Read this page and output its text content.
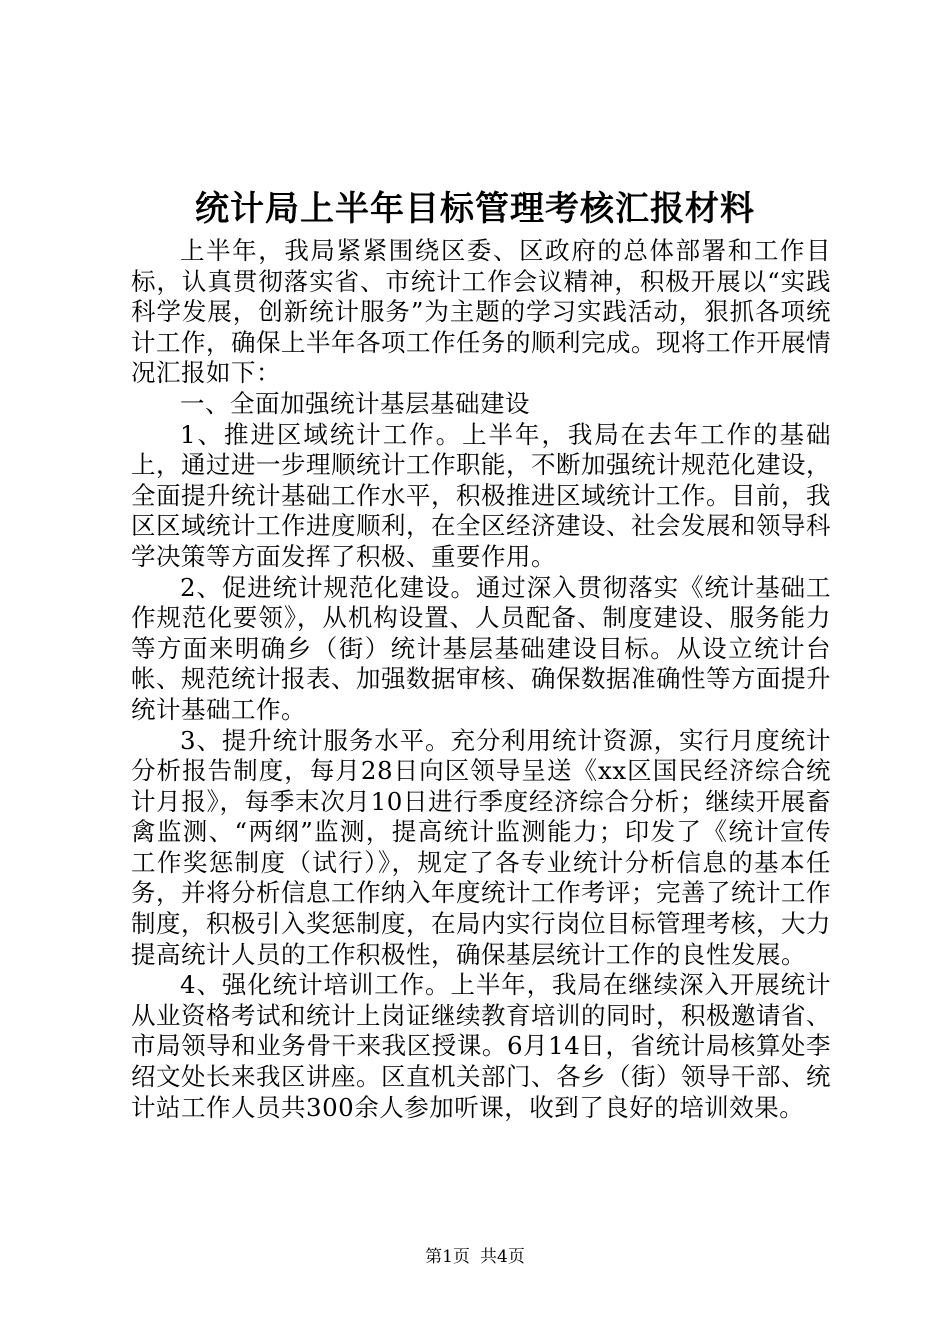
统计局上半年目标管理考核汇报材料

上半年，我局紧紧围绕区委、区政府的总体部署和工作目标，认真贯彻落实省、市统计工作会议精神，积极开展以“实践科学发展，创新统计服务”为主题的学习实践活动，狠抓各项统计工作，确保上半年各项工作任务的顺利完成。现将工作开展情况汇报如下：

一、全面加强统计基层基础建设

1、推进区域统计工作。上半年，我局在去年工作的基础上，通过进一步理顺统计工作职能，不断加强统计规范化建设，全面提升统计基础工作水平，积极推进区域统计工作。目前，我区区域统计工作进度顺利，在全区经济建设、社会发展和领导科学决策等方面发挥了积极、重要作用。

2、促进统计规范化建设。通过深入贯彻落实《统计基础工作规范化要领》，从机构设置、人员配备、制度建设、服务能力等方面来明确乡（街）统计基层基础建设目标。从设立统计台帐、规范统计报表、加强数据审核、确保数据准确性等方面提升统计基础工作。

3、提升统计服务水平。充分利用统计资源，实行月度统计分析报告制度，每月28日向区领导呈送《xx区国民经济综合统计月报》，每季末次月10日进行季度经济综合分析；继续开展畜禽监测、“两纲”监测，提高统计监测能力；印发了《统计宣传工作奖惩制度（试行）》，规定了各专业统计分析信息的基本任务，并将分析信息工作纳入年度统计工作考评；完善了统计工作制度，积极引入奖惩制度，在局内实行岗位目标管理考核，大力提高统计人员的工作积极性，确保基层统计工作的良性发展。

4、强化统计培训工作。上半年，我局在继续深入开展统计从业资格考试和统计上岗证继续教育培训的同时，积极邀请省、市局领导和业务骨干来我区授课。6月14日，省统计局核算处李绍文处长来我区讲座。区直机关部门、各乡（街）领导干部、统计站工作人员共300余人参加听课，收到了良好的培训效果。

第1页 共4页
